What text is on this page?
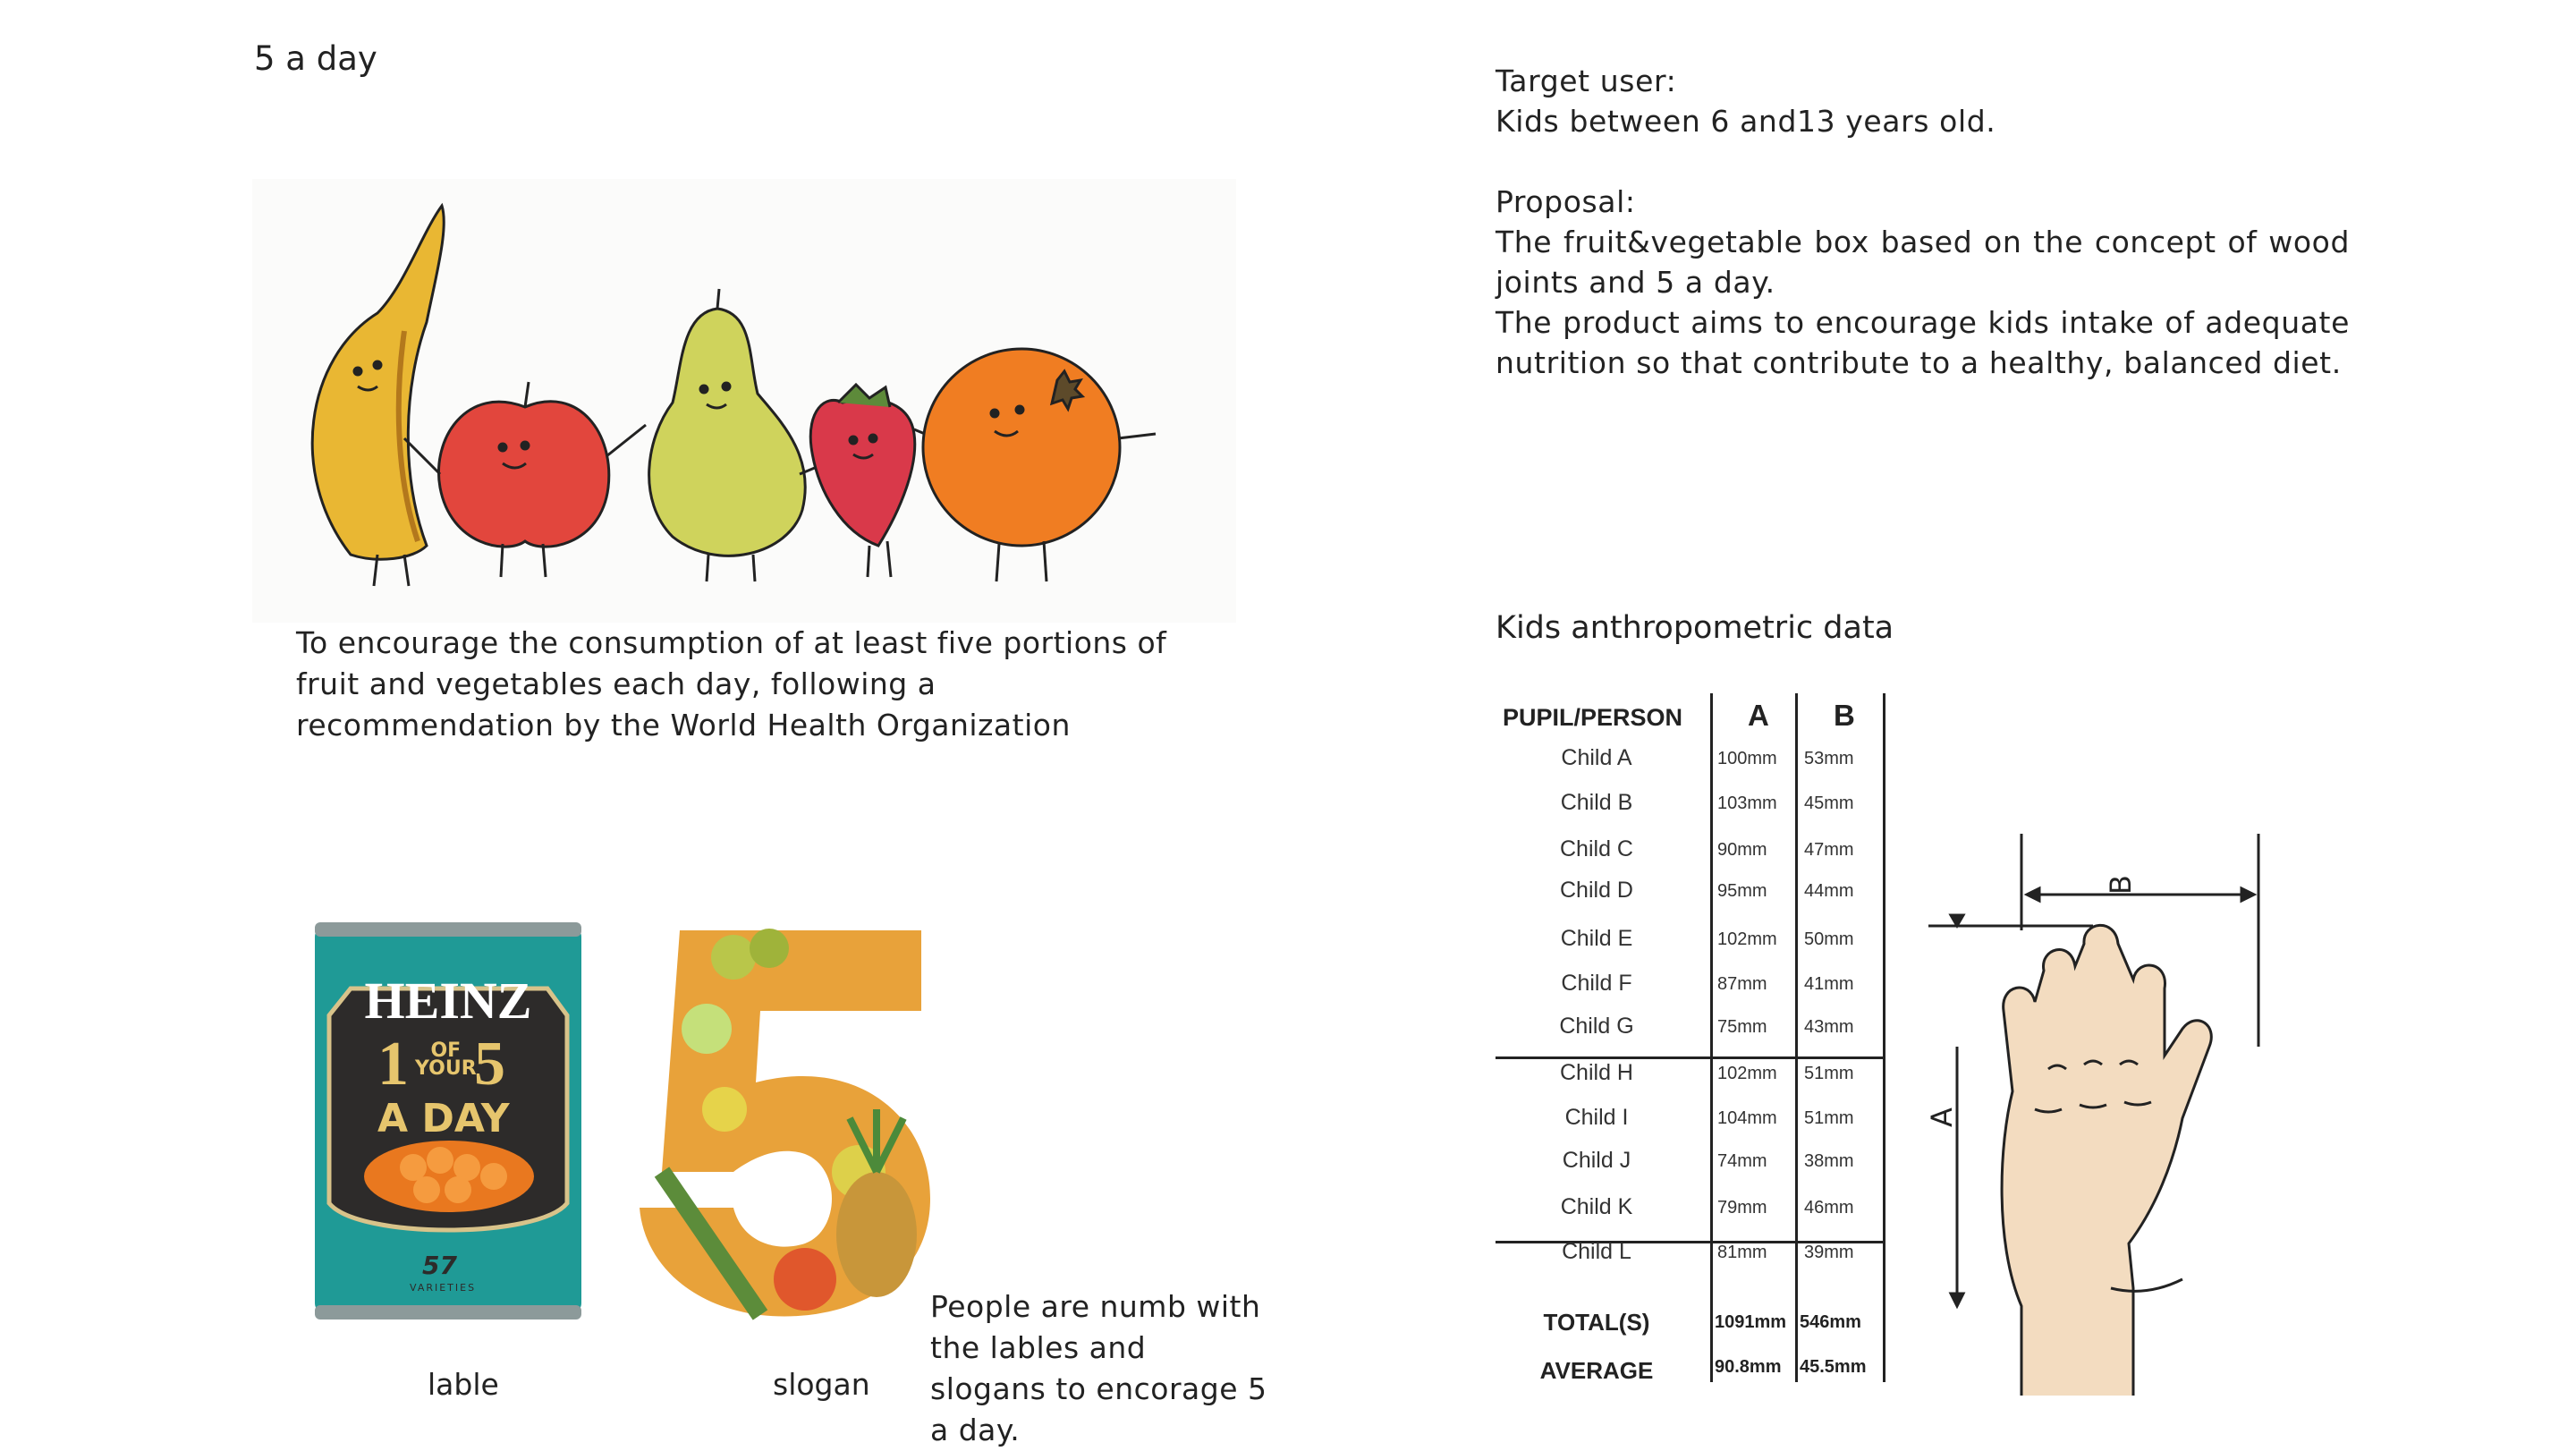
5 a day
To encourage the consumption of at least five portions of fruit and vegetables each day, following a recommendation by the World Health Organization

Target user:

Kids between 6 and13 years old.

Proposal:

The fruit&vegetable box based on the concept of wood joints and 5 a day.

The product aims to encourage kids intake of adequate nutrition so that contribute to a healthy, balanced diet.

Kids anthropometric data
PUPIL/PERSON A B
Child A	100mm 53mm
Child B	103mm 45mm
Child C	90mm 47mm
Child D	95mm 44mm
Child E	102mm 50mm
Child F	87mm 41mm
Child G	75mm 43mm
Child H	102mm 51mm
Child I	104mm 51mm
Child J	74mm 38mm
Child K	79mm 46mm
Child L	81mm 39mm
TOTAL(S)	1091mm 546mm
AVERAGE	90.8mm 45.5mm
B
A
HEINZ
1	OF
YOUR
5
A DAY
57
VARIETIES
lable	slogan
People are numb with the lables and slogans to encorage 5 a day.
